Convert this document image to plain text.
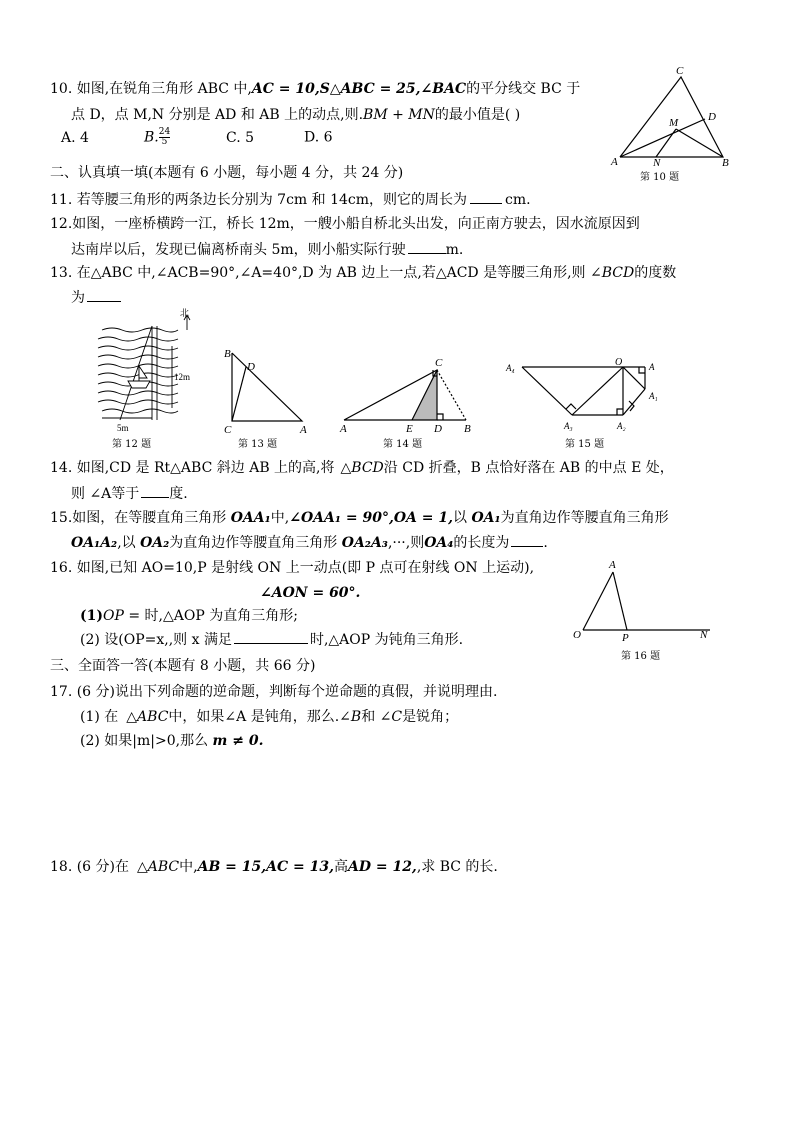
10. 如图,在锐角三角形 ABC 中,AC = 10,S△ABC = 25,∠BAC的平分线交 BC 于
点 D，点 M,N 分别是 AD 和 AB 上的动点,则.BM + MN的最小值是( )
A. 4	B. $\frac{24}{5}$	C. 5	D. 6
C
M	D
A	N	B
第 10 题
二、认真填一填(本题有 6 小题，每小题 4 分，共 24 分)
11. 若等腰三角形的两条边长分别为 7cm 和 14cm，则它的周长为	cm.
12.如图，一座桥横跨一江，桥长 12m，一艘小船自桥北头出发，向正南方驶去，因水流原因到
达南岸以后，发现已偏离桥南头 5m，则小船实际行驶	m.
13. 在△ABC 中,∠ACB=90°,∠A=40°,D 为 AB 边上一点,若△ACD 是等腰三角形,则 ∠BCD的度数
为
北
12m
5m
第 12 题
B
D
C	A
第 13 题
C
A	E D B
第 14 题
A₄	O	A
A₁
A₃	A₂
第 15 题
14. 如图,CD 是 Rt△ABC 斜边 AB 上的高,将 △BCD沿 CD 折叠，B 点恰好落在 AB 的中点 E 处，
则 ∠A等于 度.
15.如图，在等腰直角三角形 OAA₁中,∠OAA₁ = 90°,OA = 1,以 OA₁为直角边作等腰直角三角形
OA₁A₂,以 OA₂为直角边作等腰直角三角形 OA₂A₃,···,则OA₄的长度为 .
16. 如图,已知 AO=10,P 是射线 ON 上一动点(即 P 点可在射线 ON 上运动),
∠AON = 60°.
(1)OP = 时,△AOP 为直角三角形;
(2) 设(OP=x,,则 x 满足	时,△AOP 为钝角三角形.
A
O	P	N
第 16 题
三、全面答一答(本题有 8 小题，共 66 分)
17. (6 分)说出下列命题的逆命题，判断每个逆命题的真假，并说明理由.
(1) 在 △ABC中，如果∠A 是钝角，那么.∠B和 ∠C是锐角；
(2) 如果|m|>0,那么 m ≠ 0.
18. (6 分)在 △ABC中,AB = 15,AC = 13,高AD = 12,,求 BC 的长.
